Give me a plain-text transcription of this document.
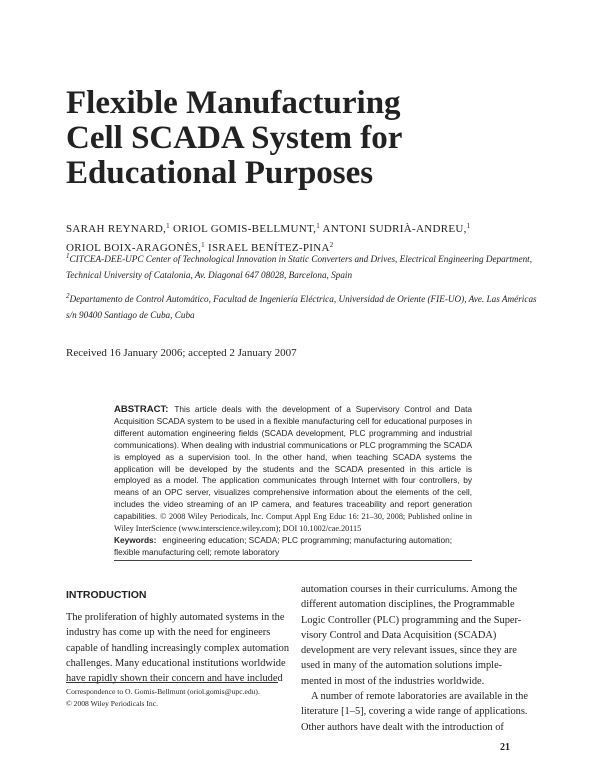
Flexible Manufacturing
Cell SCADA System for
Educational Purposes
SARAH REYNARD,$^1$ ORIOL GOMIS-BELLMUNT,$^1$ ANTONI SUDRIÀ-ANDREU,$^1$
ORIOL BOIX-ARAGONÈS,$^1$ ISRAEL BENÍTEZ-PINA$^2$
$^1$CITCEA-DEE-UPC Center of Technological Innovation in Static Converters and Drives, Electrical Engineering Department,
Technical University of Catalonia, Av. Diagonal 647 08028, Barcelona, Spain
$^2$Departamento de Control Automático, Facultad de Ingeniería Eléctrica, Universidad de Oriente (FIE-UO), Ave. Las Américas
s/n 90400 Santiago de Cuba, Cuba
Received 16 January 2006; accepted 2 January 2007
ABSTRACT: This article deals with the development of a Supervisory Control and Data Acquisition SCADA system to be used in a flexible manufacturing cell for educational purposes in different automation engineering fields (SCADA development, PLC programming and industrial communications). When dealing with industrial communications or PLC programming the SCADA is employed as a supervision tool. In the other hand, when teaching SCADA systems the application will be developed by the students and the SCADA presented in this article is employed as a model. The application communicates through Internet with four controllers, by means of an OPC server, visualizes comprehensive information about the elements of the cell, includes the video streaming of an IP camera, and features traceability and report generation capabilities. © 2008 Wiley Periodicals, Inc. Comput Appl Eng Educ 16: 21–30, 2008; Published online in Wiley InterScience (www.interscience.wiley.com); DOI 10.1002/cae.20115
Keywords: engineering education; SCADA; PLC programming; manufacturing automation; flexible manufacturing cell; remote laboratory
INTRODUCTION
The proliferation of highly automated systems in the
industry has come up with the need for engineers
capable of handling increasingly complex automation
challenges. Many educational institutions worldwide
have rapidly shown their concern and have included
automation courses in their curriculums. Among the
different automation disciplines, the Programmable
Logic Controller (PLC) programming and the Super-
visory Control and Data Acquisition (SCADA)
development are very relevant issues, since they are
used in many of the automation solutions imple-
mented in most of the industries worldwide.
A number of remote laboratories are available in the
literature [1–5], covering a wide range of applications.
Other authors have dealt with the introduction of
Correspondence to O. Gomis-Bellmunt (oriol.gomis@upc.edu).
© 2008 Wiley Periodicals Inc.
21
